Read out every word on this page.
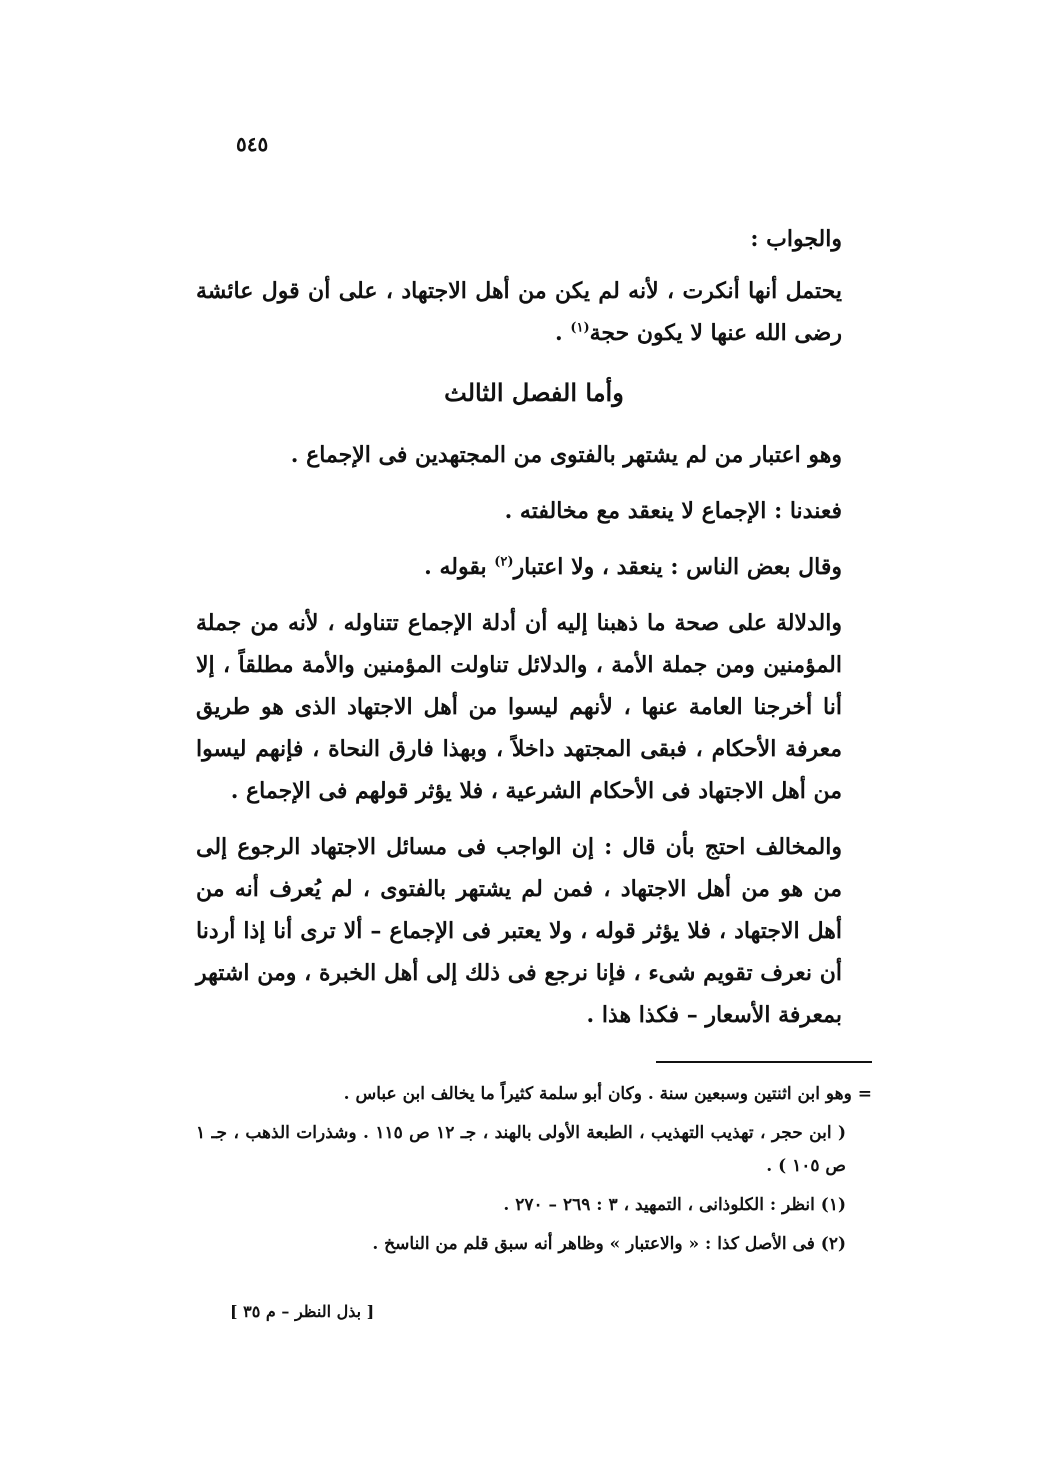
٥٤٥

والجواب :

يحتمل أنها أنكرت ، لأنه لم يكن من أهل الاجتهاد ، على أن قول عائشة رضى الله عنها لا يكون حجة$^{(١)}$ .

وأما الفصل الثالث

وهو اعتبار من لم يشتهر بالفتوى من المجتهدين فى الإجماع .

فعندنا : الإجماع لا ينعقد مع مخالفته .

وقال بعض الناس : ينعقد ، ولا اعتبار$^{(٢)}$ بقوله .

والدلالة على صحة ما ذهبنا إليه أن أدلة الإجماع تتناوله ، لأنه من جملة المؤمنين ومن جملة الأمة ، والدلائل تناولت المؤمنين والأمة مطلقاً ، إلا أنا أخرجنا العامة عنها ، لأنهم ليسوا من أهل الاجتهاد الذى هو طريق معرفة الأحكام ، فبقى المجتهد داخلاً ، وبهذا فارق النحاة ، فإنهم ليسوا من أهل الاجتهاد فى الأحكام الشرعية ، فلا يؤثر قولهم فى الإجماع .

والمخالف احتج بأن قال : إن الواجب فى مسائل الاجتهاد الرجوع إلى من هو من أهل الاجتهاد ، فمن لم يشتهر بالفتوى ، لم يُعرف أنه من أهل الاجتهاد ، فلا يؤثر قوله ، ولا يعتبر فى الإجماع – ألا ترى أنا إذا أردنا أن نعرف تقويم شىء ، فإنا نرجع فى ذلك إلى أهل الخبرة ، ومن اشتهر بمعرفة الأسعار – فكذا هذا .

= وهو ابن اثنتين وسبعين سنة . وكان أبو سلمة كثيراً ما يخالف ابن عباس .

( ابن حجر ، تهذيب التهذيب ، الطبعة الأولى بالهند ، جـ ١٢ ص ١١٥ . وشذرات الذهب ، جـ ١ ص ١٠٥ ) .

(١) انظر : الكلوذانى ، التمهيد ، ٣ : ٢٦٩ – ٢٧٠ .

(٢) فى الأصل كذا : « والاعتبار » وظاهر أنه سبق قلم من الناسخ .

[ بذل النظر – م ٣٥ ]
